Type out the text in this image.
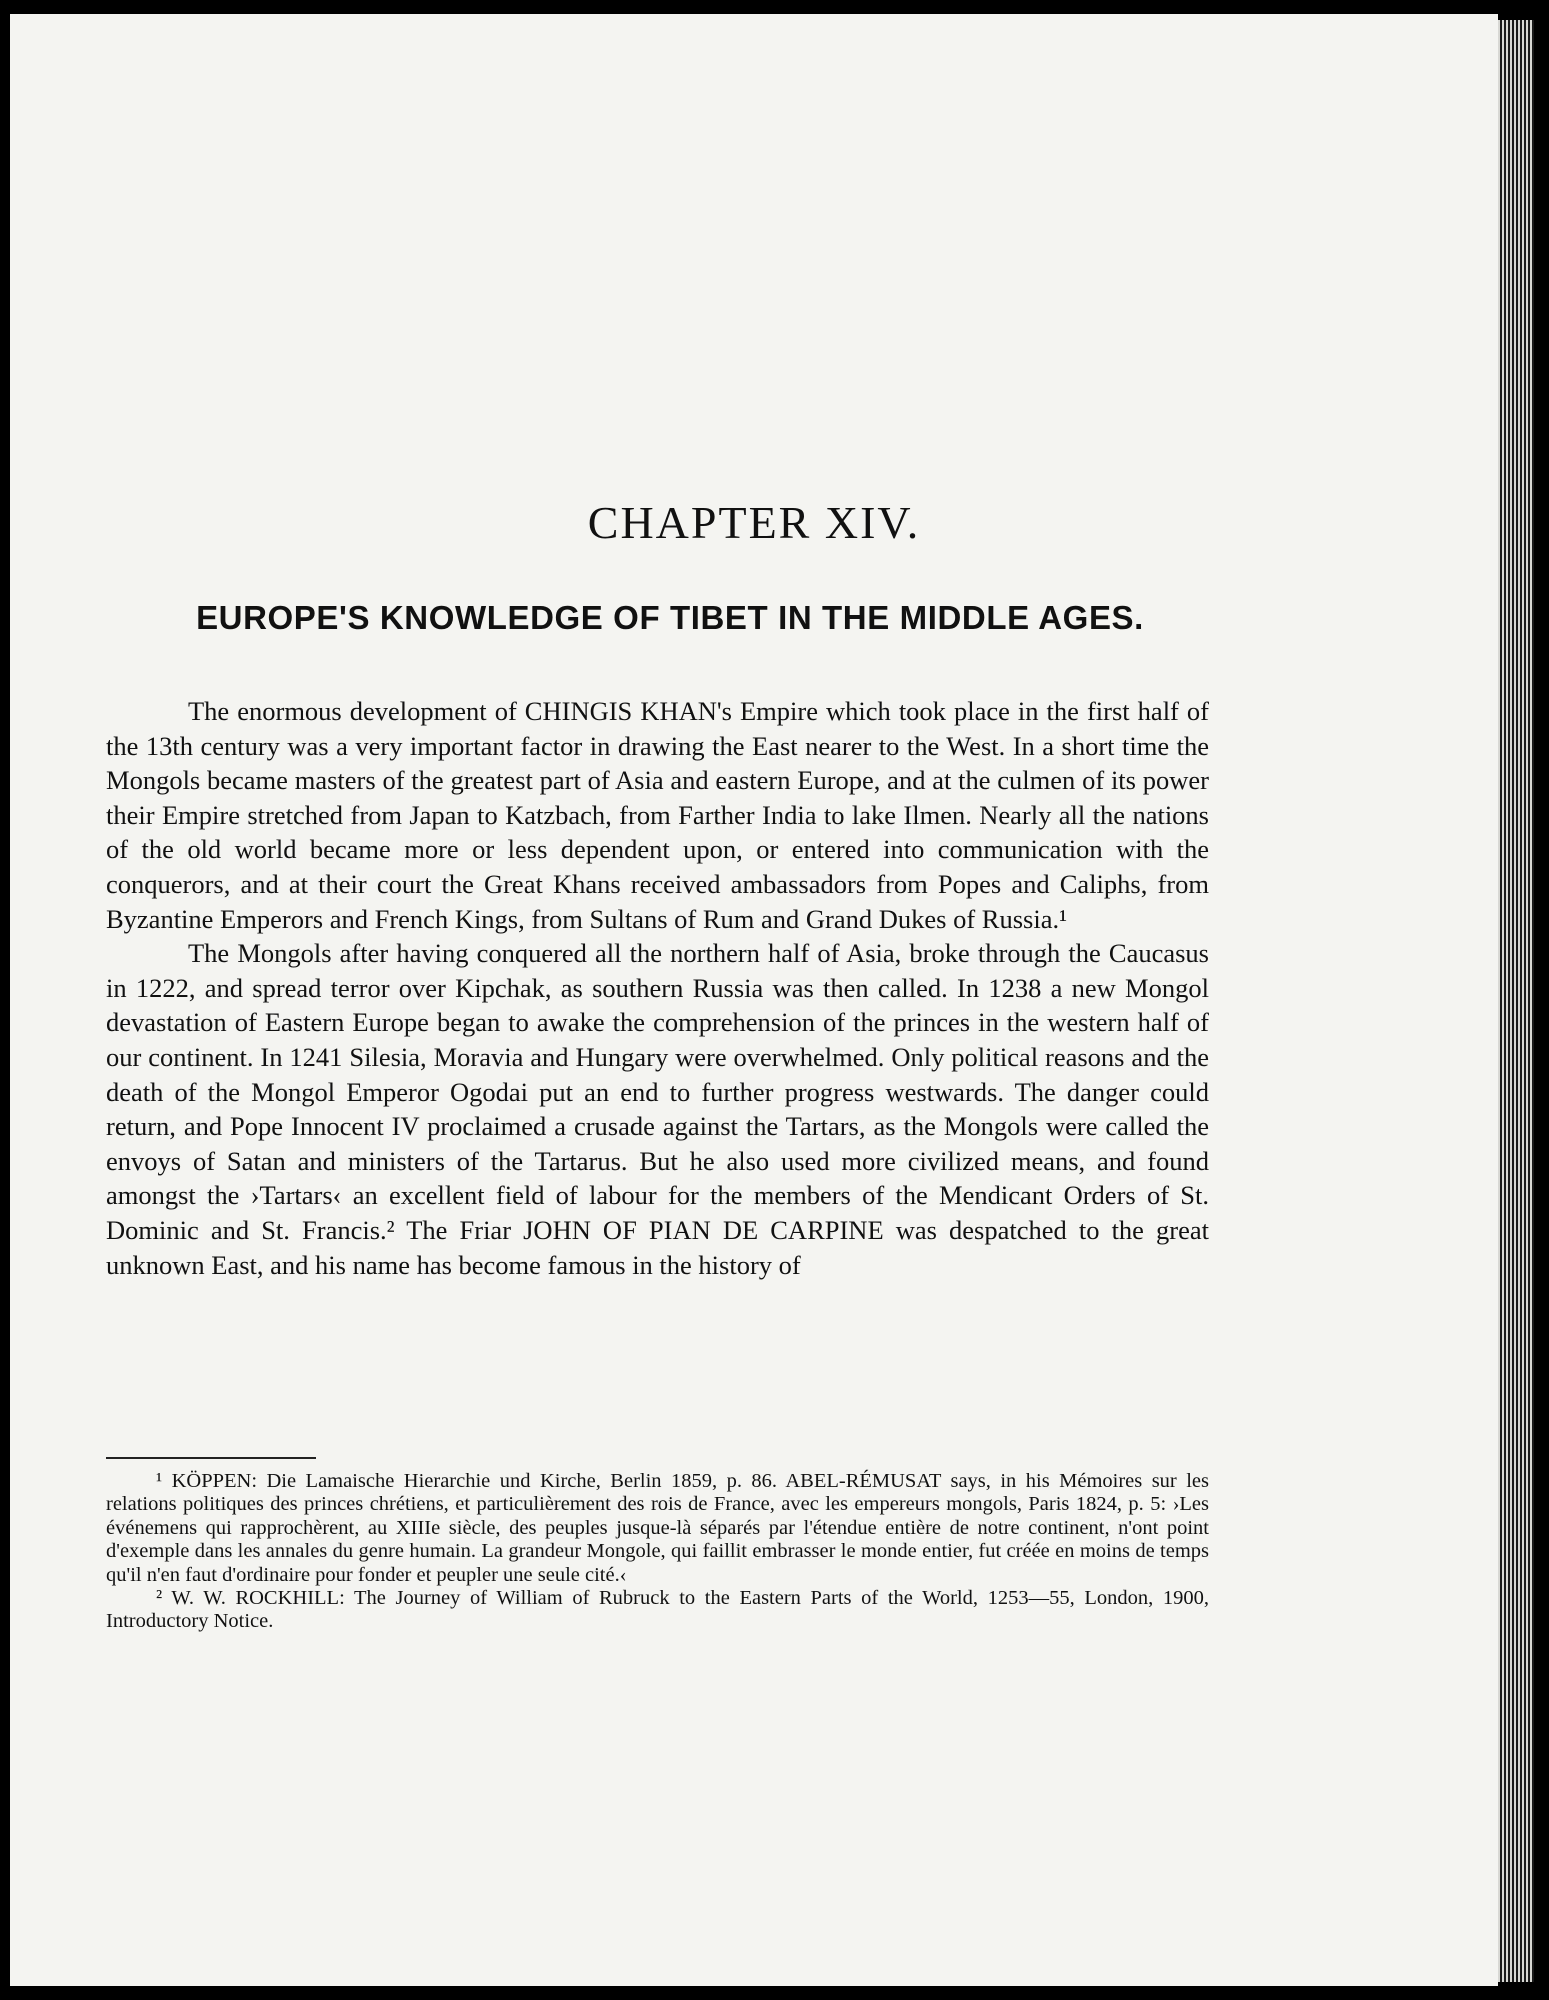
CHAPTER XIV.
EUROPE'S KNOWLEDGE OF TIBET IN THE MIDDLE AGES.

The enormous development of CHINGIS KHAN's Empire which took place in the first half of the 13th century was a very important factor in drawing the East nearer to the West. In a short time the Mongols became masters of the greatest part of Asia and eastern Europe, and at the culmen of its power their Empire stretched from Japan to Katzbach, from Farther India to lake Ilmen. Nearly all the nations of the old world became more or less dependent upon, or entered into communication with the conquerors, and at their court the Great Khans received ambassadors from Popes and Caliphs, from Byzantine Emperors and French Kings, from Sultans of Rum and Grand Dukes of Russia.¹

The Mongols after having conquered all the northern half of Asia, broke through the Caucasus in 1222, and spread terror over Kipchak, as southern Russia was then called. In 1238 a new Mongol devastation of Eastern Europe began to awake the comprehension of the princes in the western half of our continent. In 1241 Silesia, Moravia and Hungary were overwhelmed. Only political reasons and the death of the Mongol Emperor Ogodai put an end to further progress westwards. The danger could return, and Pope Innocent IV proclaimed a crusade against the Tartars, as the Mongols were called the envoys of Satan and ministers of the Tartarus. But he also used more civilized means, and found amongst the ›Tartars‹ an excellent field of labour for the members of the Mendicant Orders of St. Dominic and St. Francis.² The Friar JOHN OF PIAN DE CARPINE was despatched to the great unknown East, and his name has become famous in the history of

¹ KÖPPEN: Die Lamaische Hierarchie und Kirche, Berlin 1859, p. 86. ABEL-RÉMUSAT says, in his Mémoires sur les relations politiques des princes chrétiens, et particulièrement des rois de France, avec les empereurs mongols, Paris 1824, p. 5: ›Les événemens qui rapprochèrent, au XIIIe siècle, des peuples jusque-là séparés par l'étendue entière de notre continent, n'ont point d'exemple dans les annales du genre humain. La grandeur Mongole, qui faillit embrasser le monde entier, fut créée en moins de temps qu'il n'en faut d'ordinaire pour fonder et peupler une seule cité.‹

² W. W. ROCKHILL: The Journey of William of Rubruck to the Eastern Parts of the World, 1253—55, London, 1900, Introductory Notice.
